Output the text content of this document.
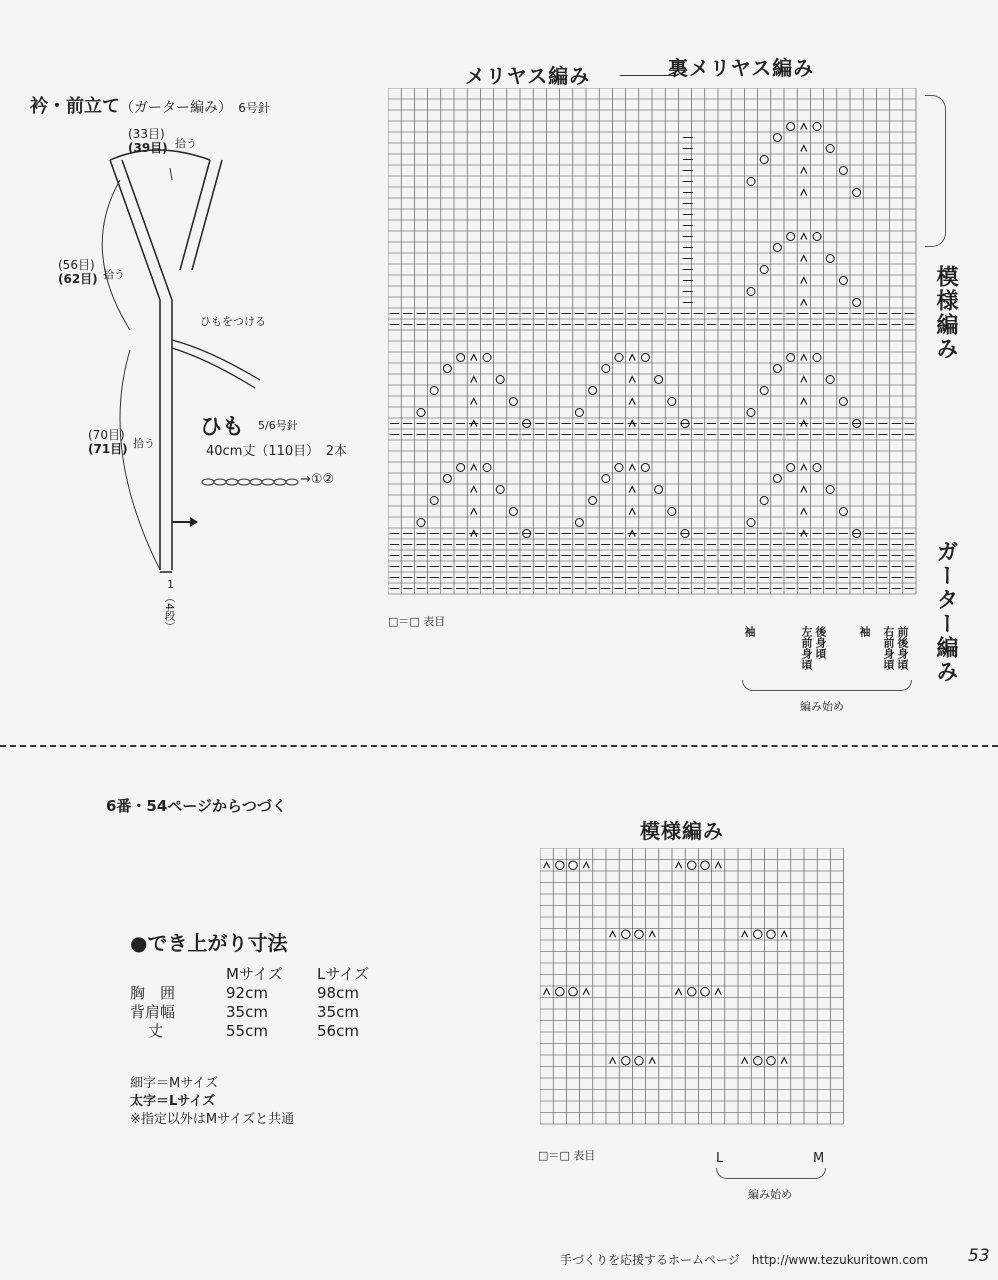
衿・前立て（ガーター編み） 6号針
(33目)
(39目) 拾う
(56目)
(62目) 拾う
(70目)
(71目) 拾う
ひもをつける
1
（4段）
ひも 5/6号針
40cm丈（110目）　 2本
→①②
メリヤス編み	裏メリヤス編み
模様編み
ガーター編み
□＝□ 表目
袖	後身頃
左前身頃	袖 右前身頃 前後身頃
編み始め
6番・54ページからつづく
●でき上がり寸法
	Mサイズ	Lサイズ
胸　囲	92cm	98cm
背肩幅	35cm	35cm
丈	55cm	56cm
細字＝Mサイズ
太字＝Lサイズ
※指定以外はMサイズと共通
模様編み
□＝□ 表目	L	M
編み始め
手づくりを応援するホームページ　 http://www.tezukuritown.com 53
